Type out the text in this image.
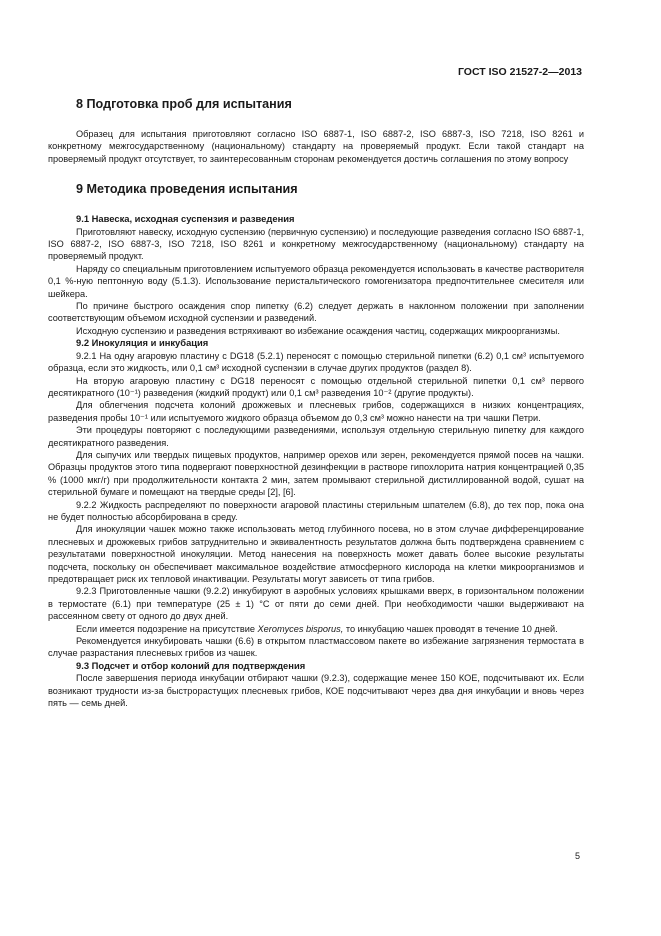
ГОСТ ISO 21527-2—2013
8 Подготовка проб для испытания

Образец для испытания приготовляют согласно ISO 6887-1, ISO 6887-2, ISO 6887-3, ISO 7218, ISO 8261 и конкретному межгосударственному (национальному) стандарту на проверяемый продукт. Если такой стандарт на проверяемый продукт отсутствует, то заинтересованным сторонам рекомендуется достичь соглашения по этому вопросу

9 Методика проведения испытания
9.1 Навеска, исходная суспензия и разведения

Приготовляют навеску, исходную суспензию (первичную суспензию) и последующие разведения согласно ISO 6887-1, ISO 6887-2, ISO 6887-3, ISO 7218, ISO 8261 и конкретному межгосударственному (национальному) стандарту на проверяемый продукт.

Наряду со специальным приготовлением испытуемого образца рекомендуется использовать в качестве растворителя 0,1 %-ную пептонную воду (5.1.3). Использование перистальтического гомогенизатора предпочтительнее смесителя или шейкера.

По причине быстрого осаждения спор пипетку (6.2) следует держать в наклонном положении при заполнении соответствующим объемом исходной суспензии и разведений.

Исходную суспензию и разведения встряхивают во избежание осаждения частиц, содержащих микроорганизмы.

9.2 Инокуляция и инкубация

9.2.1 На одну агаровую пластину с DG18 (5.2.1) переносят с помощью стерильной пипетки (6.2) 0,1 см³ испытуемого образца, если это жидкость, или 0,1 см³ исходной суспензии в случае других продуктов (раздел 8).

На вторую агаровую пластину с DG18 переносят с помощью отдельной стерильной пипетки 0,1 см³ первого десятикратного (10⁻¹) разведения (жидкий продукт) или 0,1 см³ разведения 10⁻² (другие продукты).

Для облегчения подсчета колоний дрожжевых и плесневых грибов, содержащихся в низких концентрациях, разведения пробы 10⁻¹ или испытуемого жидкого образца объемом до 0,3 см³ можно нанести на три чашки Петри.

Эти процедуры повторяют с последующими разведениями, используя отдельную стерильную пипетку для каждого десятикратного разведения.

Для сыпучих или твердых пищевых продуктов, например орехов или зерен, рекомендуется прямой посев на чашки. Образцы продуктов этого типа подвергают поверхностной дезинфекции в растворе гипохлорита натрия концентрацией 0,35 % (1000 мкг/г) при продолжительности контакта 2 мин, затем промывают стерильной дистиллированной водой, сушат на стерильной бумаге и помещают на твердые среды [2], [6].

9.2.2 Жидкость распределяют по поверхности агаровой пластины стерильным шпателем (6.8), до тех пор, пока она не будет полностью абсорбирована в среду.

Для инокуляции чашек можно также использовать метод глубинного посева, но в этом случае дифференцирование плесневых и дрожжевых грибов затруднительно и эквивалентность результатов должна быть подтверждена сравнением с результатами поверхностной инокуляции. Метод нанесения на поверхность может давать более высокие результаты подсчета, поскольку он обеспечивает максимальное воздействие атмосферного кислорода на клетки микроорганизмов и предотвращает риск их тепловой инактивации. Результаты могут зависеть от типа грибов.

9.2.3 Приготовленные чашки (9.2.2) инкубируют в аэробных условиях крышками вверх, в горизонтальном положении в термостате (6.1) при температуре (25 ± 1) °С от пяти до семи дней. При необходимости чашки выдерживают на рассеянном свету от одного до двух дней.

Если имеется подозрение на присутствие Xeromyces bisporus, то инкубацию чашек проводят в течение 10 дней.

Рекомендуется инкубировать чашки (6.6) в открытом пластмассовом пакете во избежание загрязнения термостата в случае разрастания плесневых грибов из чашек.

9.3 Подсчет и отбор колоний для подтверждения

После завершения периода инкубации отбирают чашки (9.2.3), содержащие менее 150 КОЕ, подсчитывают их. Если возникают трудности из-за быстрорастущих плесневых грибов, КОЕ подсчитывают через два дня инкубации и вновь через пять — семь дней.

5
